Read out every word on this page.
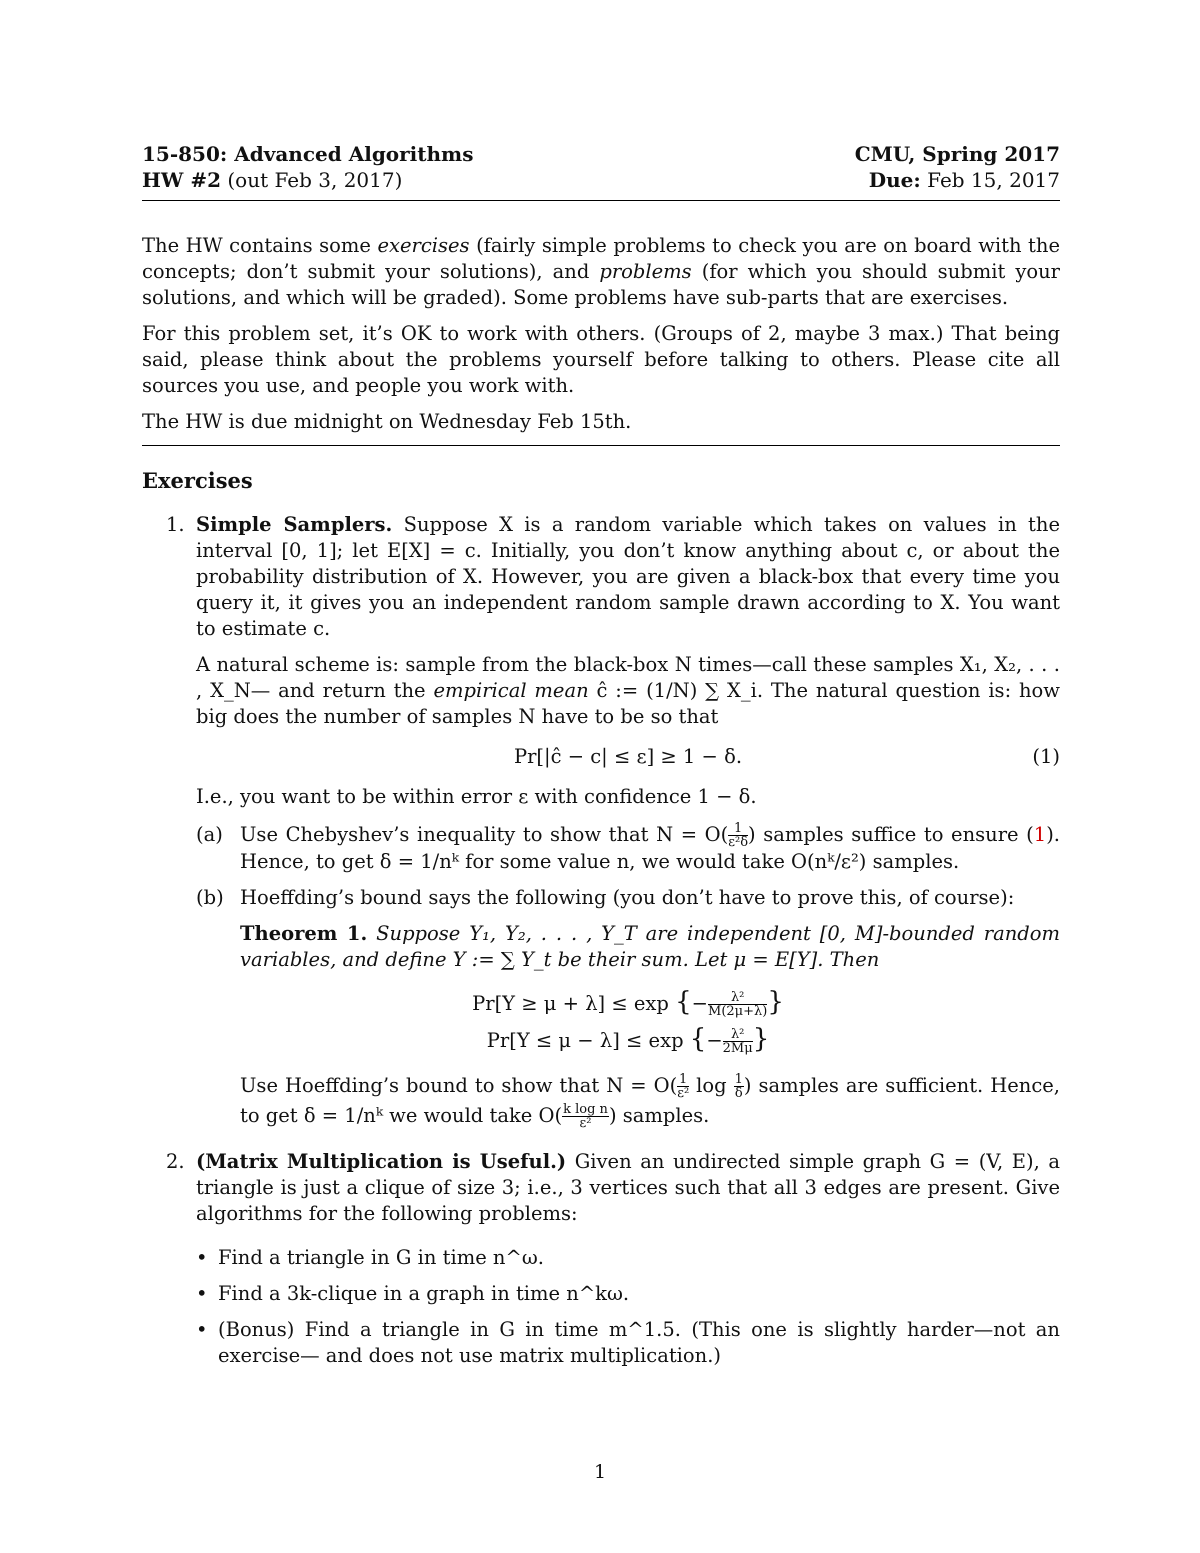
15-850: Advanced Algorithms	CMU, Spring 2017
HW #2 (out Feb 3, 2017)	Due: Feb 15, 2017

The HW contains some exercises (fairly simple problems to check you are on board with the concepts; don’t submit your solutions), and problems (for which you should submit your solutions, and which will be graded). Some problems have sub-parts that are exercises.

For this problem set, it’s OK to work with others. (Groups of 2, maybe 3 max.) That being said, please think about the problems yourself before talking to others. Please cite all sources you use, and people you work with.

The HW is due midnight on Wednesday Feb 15th.

Exercises
1. Simple Samplers. Suppose X is a random variable which takes on values in the interval [0, 1]; let E[X] = c. Initially, you don’t know anything about c, or about the probability distribution of X. However, you are given a black-box that every time you query it, it gives you an independent random sample drawn according to X. You want to estimate c.

A natural scheme is: sample from the black-box N times—call these samples X₁, X₂, . . . , X_N— and return the empirical mean ĉ := (1/N) ∑ X_i. The natural question is: how big does the number of samples N have to be so that

Pr[|ĉ − c| ≤ ε] ≥ 1 − δ.	(1)

I.e., you want to be within error ε with confidence 1 − δ.

(a) Use Chebyshev’s inequality to show that $N = O( \frac{1}{\text{ε²δ}}$ ) samples suffice to ensure (1). Hence, to get δ = 1/nᵏ for some value n, we would take O(nᵏ/ε²) samples.

(b) Hoeffding’s bound says the following (you don’t have to prove this, of course):

Theorem 1. Suppose Y₁, Y₂, . . . , Y_T are independent [0, M]-bounded random variables, and define Y := ∑ Y_t be their sum. Let μ = E[Y]. Then

Pr[Y ≥ μ + λ] ≤ exp {− $\frac{\text{λ²}}{M(2\mu+\lambda)}$ }
Pr[Y ≤ μ − λ] ≤ exp {− $\frac{\text{λ²}}{2M\mu}$ }

Use Hoeffding’s bound to show that $N = O( \frac{1}{\text{ε²}}$ $\log \frac{1}{\delta}$ ) samples are sufficient. Hence, to get δ = 1/nᵏ we would take $O( \frac{\text{k log n}}{\text{ε²}}$ ) samples.

2. (Matrix Multiplication is Useful.) Given an undirected simple graph G = (V, E), a triangle is just a clique of size 3; i.e., 3 vertices such that all 3 edges are present. Give algorithms for the following problems:

• Find a triangle in G in time n^ω.

• Find a 3k-clique in a graph in time n^kω.

• (Bonus) Find a triangle in G in time m^1.5. (This one is slightly harder—not an exercise— and does not use matrix multiplication.)

1
